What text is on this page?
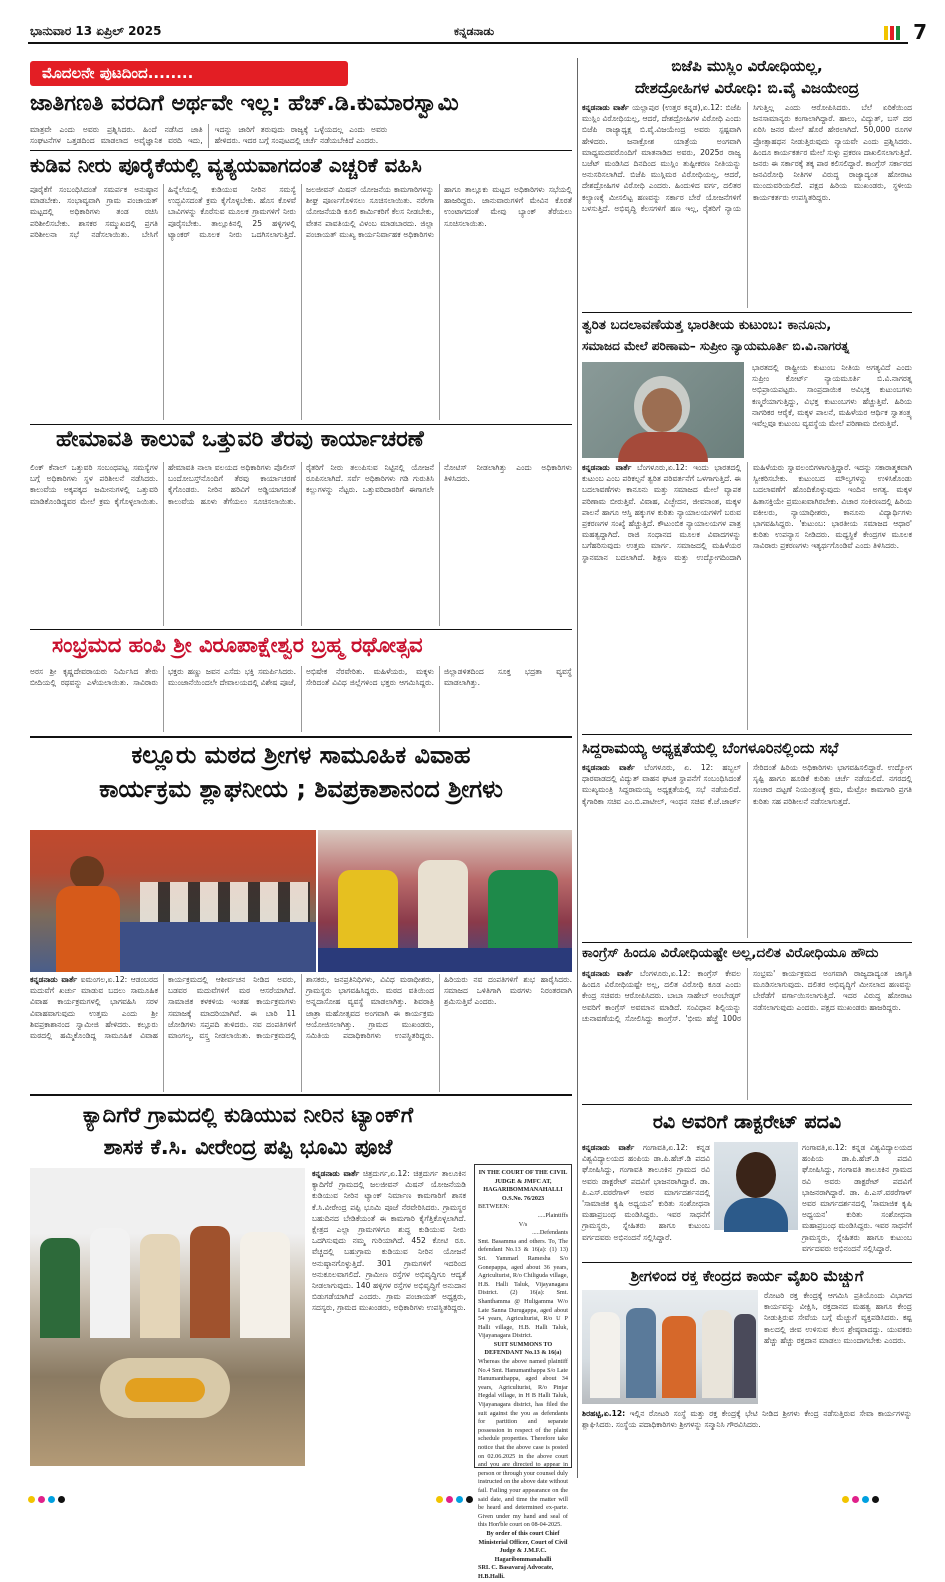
ಭಾನುವಾರ 13 ಏಪ್ರಿಲ್ 2025	ಕನ್ನಡನಾಡು	7
ಮೊದಲನೇ ಪುಟದಿಂದ........
ಜಾತಿಗಣತಿ ವರದಿಗೆ ಅರ್ಥವೇ ಇಲ್ಲ: ಹೆಚ್.ಡಿ.ಕುಮಾರಸ್ವಾಮಿ
ಮಾತ್ರವೇ ಎಂದು ಅವರು ಪ್ರಶ್ನಿಸಿದರು. ಹಿಂದೆ ನಡೆಸಿದ ಜಾತಿ ಸಂಘಟನೆಗಳ ಒತ್ತಡದಿಂದ ಮಾಡಲಾದ ಅವೈಜ್ಞಾನಿಕ ವರದಿ ಇದು, ಇದನ್ನು ಜಾರಿಗೆ ತರುವುದು ರಾಜ್ಯಕ್ಕೆ ಒಳ್ಳೆಯದಲ್ಲ ಎಂದು ಅವರು ಹೇಳಿದರು. ಇದರ ಬಗ್ಗೆ ಸಂಪುಟದಲ್ಲಿ ಚರ್ಚೆ ನಡೆಯಬೇಕಿದೆ ಎಂದರು.
ಕುಡಿವ ನೀರು ಪೂರೈಕೆಯಲ್ಲಿ ವ್ಯತ್ಯಯವಾಗದಂತೆ ಎಚ್ಚರಿಕೆ ವಹಿಸಿ
ಪೂರೈಕೆಗೆ ಸಂಬಂಧಿಸಿದಂತೆ ಸಮರ್ಪಕ ಅನುಷ್ಠಾನ ಮಾಡಬೇಕು. ಸಂಭಾವ್ಯವಾಗಿ ಗ್ರಾಮ ಪಂಚಾಯತ್ ಮಟ್ಟದಲ್ಲಿ ಅಧಿಕಾರಿಗಳು ತಂಡ ರಚಿಸಿ ಪರಿಶೀಲಿಸಬೇಕು. ಶಾಸಕರ ಸಮ್ಮುಖದಲ್ಲಿ ಪ್ರಗತಿ ಪರಿಶೀಲನಾ ಸಭೆ ನಡೆಸಲಾಯಿತು. ಬೇಸಿಗೆ ಹಿನ್ನೆಲೆಯಲ್ಲಿ ಕುಡಿಯುವ ನೀರಿನ ಸಮಸ್ಯೆ ಉದ್ಭವಿಸದಂತೆ ಕ್ರಮ ಕೈಗೊಳ್ಳಬೇಕು. ಹೊಸ ಕೊಳವೆ ಬಾವಿಗಳನ್ನು ಕೊರೆಸುವ ಮೂಲಕ ಗ್ರಾಮಗಳಿಗೆ ನೀರು ಪೂರೈಸಬೇಕು. ತಾಲ್ಲೂಕಿನಲ್ಲಿ 25 ಹಳ್ಳಿಗಳಲ್ಲಿ ಟ್ಯಾಂಕರ್ ಮೂಲಕ ನೀರು ಒದಗಿಸಲಾಗುತ್ತಿದೆ. ಜಲಜೀವನ್ ಮಿಷನ್ ಯೋಜನೆಯ ಕಾಮಗಾರಿಗಳನ್ನು ಶೀಘ್ರ ಪೂರ್ಣಗೊಳಿಸಲು ಸೂಚಿಸಲಾಯಿತು. ನರೇಗಾ ಯೋಜನೆಯಡಿ ಕೂಲಿ ಕಾರ್ಮಿಕರಿಗೆ ಕೆಲಸ ನೀಡಬೇಕು, ವೇತನ ಪಾವತಿಯಲ್ಲಿ ವಿಳಂಬ ಮಾಡಬಾರದು. ಜಿಲ್ಲಾ ಪಂಚಾಯತ್ ಮುಖ್ಯ ಕಾರ್ಯನಿರ್ವಾಹಕ ಅಧಿಕಾರಿಗಳು ಹಾಗೂ ತಾಲ್ಲೂಕು ಮಟ್ಟದ ಅಧಿಕಾರಿಗಳು ಸಭೆಯಲ್ಲಿ ಹಾಜರಿದ್ದರು. ಜಾನುವಾರುಗಳಿಗೆ ಮೇವಿನ ಕೊರತೆ ಉಂಟಾಗದಂತೆ ಮೇವು ಬ್ಯಾಂಕ್ ತೆರೆಯಲು ಸೂಚಿಸಲಾಯಿತು.
ಹೇಮಾವತಿ ಕಾಲುವೆ ಒತ್ತುವರಿ ತೆರವು ಕಾರ್ಯಾಚರಣೆ
ಲಿಂಕ್ ಕೆನಾಲ್ ಒತ್ತುವರಿ ಸಂಬಂಧಪಟ್ಟ ಸಮಸ್ಯೆಗಳ ಬಗ್ಗೆ ಅಧಿಕಾರಿಗಳು ಸ್ಥಳ ಪರಿಶೀಲನೆ ನಡೆಸಿದರು. ಕಾಲುವೆಯ ಅಕ್ಕಪಕ್ಕದ ಜಮೀನುಗಳಲ್ಲಿ ಒತ್ತುವರಿ ಮಾಡಿಕೊಂಡಿದ್ದವರ ಮೇಲೆ ಕ್ರಮ ಕೈಗೊಳ್ಳಲಾಯಿತು. ಹೇಮಾವತಿ ನಾಲಾ ವಲಯದ ಅಧಿಕಾರಿಗಳು ಪೊಲೀಸ್ ಬಂದೋಬಸ್ತ್‌ನೊಂದಿಗೆ ತೆರವು ಕಾರ್ಯಾಚರಣೆ ಕೈಗೊಂಡರು. ನೀರಿನ ಹರಿವಿಗೆ ಅಡ್ಡಿಯಾಗದಂತೆ ಕಾಲುವೆಯ ಹೂಳು ತೆಗೆಯಲು ಸೂಚಿಸಲಾಯಿತು. ರೈತರಿಗೆ ನೀರು ತಲುಪಿಸುವ ನಿಟ್ಟಿನಲ್ಲಿ ಯೋಜನೆ ರೂಪಿಸಲಾಗಿದೆ. ಸರ್ವೆ ಅಧಿಕಾರಿಗಳು ಗಡಿ ಗುರುತಿಸಿ ಕಲ್ಲುಗಳನ್ನು ನೆಟ್ಟರು. ಒತ್ತುವರಿದಾರರಿಗೆ ಈಗಾಗಲೇ ನೋಟಿಸ್ ನೀಡಲಾಗಿತ್ತು ಎಂದು ಅಧಿಕಾರಿಗಳು ತಿಳಿಸಿದರು.
ಸಂಭ್ರಮದ ಹಂಪಿ ಶ್ರೀ ವಿರೂಪಾಕ್ಷೇಶ್ವರ ಬ್ರಹ್ಮ ರಥೋತ್ಸವ
ಅರಸ ಶ್ರೀ ಕೃಷ್ಣದೇವರಾಯರು ನಿರ್ಮಿಸಿದ ತೇರು ಬೀದಿಯಲ್ಲಿ ರಥವನ್ನು ಎಳೆಯಲಾಯಿತು. ಸಾವಿರಾರು ಭಕ್ತರು ಹಣ್ಣು ಜವನ ಎಸೆದು ಭಕ್ತಿ ಸಮರ್ಪಿಸಿದರು. ಮುಂಜಾನೆಯಿಂದಲೇ ದೇವಾಲಯದಲ್ಲಿ ವಿಶೇಷ ಪೂಜೆ, ಅಭಿಷೇಕ ನೆರವೇರಿತು. ಮಹಿಳೆಯರು, ಮಕ್ಕಳು ಸೇರಿದಂತೆ ವಿವಿಧ ಜಿಲ್ಲೆಗಳಿಂದ ಭಕ್ತರು ಆಗಮಿಸಿದ್ದರು. ಜಿಲ್ಲಾಡಳಿತದಿಂದ ಸೂಕ್ತ ಭದ್ರತಾ ವ್ಯವಸ್ಥೆ ಮಾಡಲಾಗಿತ್ತು.
ಕಲ್ಲೂರು ಮಠದ ಶ್ರೀಗಳ ಸಾಮೂಹಿಕ ವಿವಾಹ
ಕಾರ್ಯಕ್ರಮ ಶ್ಲಾಘನೀಯ ; ಶಿವಪ್ರಕಾಶಾನಂದ ಶ್ರೀಗಳು
ಕನ್ನಡನಾಡು ವಾರ್ತೆ ಐಮಂಗಲ,ಏ.12: ಆಡಂಬರದ ಮದುವೆಗೆ ಖರ್ಚು ಮಾಡುವ ಬದಲು ಸಾಮೂಹಿಕ ವಿವಾಹ ಕಾರ್ಯಕ್ರಮಗಳಲ್ಲಿ ಭಾಗವಹಿಸಿ ಸರಳ ವಿವಾಹವಾಗುವುದು ಉತ್ತಮ ಎಂದು ಶ್ರೀ ಶಿವಪ್ರಕಾಶಾನಂದ ಸ್ವಾಮೀಜಿ ಹೇಳಿದರು. ಕಲ್ಲೂರು ಮಠದಲ್ಲಿ ಹಮ್ಮಿಕೊಂಡಿದ್ದ ಸಾಮೂಹಿಕ ವಿವಾಹ ಕಾರ್ಯಕ್ರಮದಲ್ಲಿ ಆಶೀರ್ವಚನ ನೀಡಿದ ಅವರು, ಬಡವರ ಮದುವೆಗಳಿಗೆ ಮಠ ಆಸರೆಯಾಗಿದೆ. ಸಾಮಾಜಿಕ ಕಳಕಳಿಯ ಇಂತಹ ಕಾರ್ಯಕ್ರಮಗಳು ಸಮಾಜಕ್ಕೆ ಮಾದರಿಯಾಗಿವೆ. ಈ ಬಾರಿ 11 ಜೋಡಿಗಳು ಸಪ್ತಪದಿ ತುಳಿದರು. ನವ ದಂಪತಿಗಳಿಗೆ ಮಾಂಗಲ್ಯ, ವಸ್ತ್ರ ನೀಡಲಾಯಿತು. ಕಾರ್ಯಕ್ರಮದಲ್ಲಿ ಶಾಸಕರು, ಜನಪ್ರತಿನಿಧಿಗಳು, ವಿವಿಧ ಮಠಾಧೀಶರು, ಗ್ರಾಮಸ್ಥರು ಭಾಗವಹಿಸಿದ್ದರು. ಮಠದ ವತಿಯಿಂದ ಅನ್ನದಾಸೋಹ ವ್ಯವಸ್ಥೆ ಮಾಡಲಾಗಿತ್ತು. ಶಿವರಾತ್ರಿ ಜಾತ್ರಾ ಮಹೋತ್ಸವದ ಅಂಗವಾಗಿ ಈ ಕಾರ್ಯಕ್ರಮ ಆಯೋಜಿಸಲಾಗಿತ್ತು. ಗ್ರಾಮದ ಮುಖಂಡರು, ಸಮಿತಿಯ ಪದಾಧಿಕಾರಿಗಳು ಉಪಸ್ಥಿತರಿದ್ದರು. ಹಿರಿಯರು ನವ ದಂಪತಿಗಳಿಗೆ ಶುಭ ಹಾರೈಸಿದರು. ಸಮಾಜದ ಒಳಿತಿಗಾಗಿ ಮಠಗಳು ನಿರಂತರವಾಗಿ ಶ್ರಮಿಸುತ್ತಿವೆ ಎಂದರು.
ಕ್ಯಾದಿಗೆರೆ ಗ್ರಾಮದಲ್ಲಿ ಕುಡಿಯುವ ನೀರಿನ ಟ್ಯಾಂಕ್‌ಗೆ
ಶಾಸಕ ಕೆ.ಸಿ. ವೀರೇಂದ್ರ ಪಪ್ಪಿ ಭೂಮಿ ಪೂಜೆ
ಕನ್ನಡನಾಡು ವಾರ್ತೆ ಚಿತ್ರದುರ್ಗ,ಏ.12: ಚಿತ್ರದುರ್ಗ ತಾಲೂಕಿನ ಕ್ಯಾದಿಗೆರೆ ಗ್ರಾಮದಲ್ಲಿ ಜಲಜೀವನ್ ಮಿಷನ್ ಯೋಜನೆಯಡಿ ಕುಡಿಯುವ ನೀರಿನ ಟ್ಯಾಂಕ್ ನಿರ್ಮಾಣ ಕಾಮಗಾರಿಗೆ ಶಾಸಕ ಕೆ.ಸಿ.ವೀರೇಂದ್ರ ಪಪ್ಪಿ ಭೂಮಿ ಪೂಜೆ ನೆರವೇರಿಸಿದರು. ಗ್ರಾಮಸ್ಥರ ಬಹುದಿನದ ಬೇಡಿಕೆಯಂತೆ ಈ ಕಾಮಗಾರಿ ಕೈಗೆತ್ತಿಕೊಳ್ಳಲಾಗಿದೆ. ಕ್ಷೇತ್ರದ ಎಲ್ಲಾ ಗ್ರಾಮಗಳಿಗೂ ಶುದ್ಧ ಕುಡಿಯುವ ನೀರು ಒದಗಿಸುವುದು ನಮ್ಮ ಗುರಿಯಾಗಿದೆ. 452 ಕೋಟಿ ರೂ. ವೆಚ್ಚದಲ್ಲಿ ಬಹುಗ್ರಾಮ ಕುಡಿಯುವ ನೀರಿನ ಯೋಜನೆ ಅನುಷ್ಠಾನಗೊಳ್ಳುತ್ತಿದೆ. 301 ಗ್ರಾಮಗಳಿಗೆ ಇದರಿಂದ ಅನುಕೂಲವಾಗಲಿದೆ. ಗ್ರಾಮೀಣ ರಸ್ತೆಗಳ ಅಭಿವೃದ್ಧಿಗೂ ಆದ್ಯತೆ ನೀಡಲಾಗುವುದು. 140 ಹಳ್ಳಿಗಳ ರಸ್ತೆಗಳ ಅಭಿವೃದ್ಧಿಗೆ ಅನುದಾನ ಬಿಡುಗಡೆಯಾಗಿದೆ ಎಂದರು. ಗ್ರಾಮ ಪಂಚಾಯತ್ ಅಧ್ಯಕ್ಷರು, ಸದಸ್ಯರು, ಗ್ರಾಮದ ಮುಖಂಡರು, ಅಧಿಕಾರಿಗಳು ಉಪಸ್ಥಿತರಿದ್ದರು.
IN THE COURT OF THE CIVIL JUDGE & JMFC AT, HAGARIBOMMANAHALLI
O.S.No. 76/2023
BETWEEN:
.....Plaintiffs
V/s
.....Defendants
Smt. Basamma and others. To, The defendant No.13 & 16(a): (1) 13) Sri. Yammarl Ramesha S/o Gonepappa, aged about 36 years, Agriculturist, R/o Chiliguda village, H.B. Halli Taluk, Vijayanagara District. (2) 16(a): Smt. Shanthamma @ Huligamma W/o Late Sanna Durugappa, aged about 54 years, Agriculturist, R/o U P Halli village, H.B. Halli Taluk, Vijayanagara District.
SUIT SUMMONS TO DEFENDANT No.13 & 16(a)
Whereas the above named plaintiff No.4 Smt. Hanumanthappa S/o Late Hanumanthappa, aged about 34 years, Agriculturist, R/o Pinjar Hegdal village, in H B Halli Taluk, Vijayanagara district, has filed the suit against the you as defendants for partition and separate possession in respect of the plaint schedule properties. Therefore take notice that the above case is posted on 02.06.2025 in the above court and you are directed to appear in person or through your counsel duly instructed on the above date without fail. Failing your appearance on the said date, and time the matter will be heard and determined ex-parte. Given under my hand and seal of this Hon'ble court on 08-04-2025.
By order of this court Chief Ministerial Officer, Court of Civil Judge & J.M.F.C. Hagaribommanahalli
SRI. C. Basavaraj Advocate, H.B.Halli.
ಬಿಜೆಪಿ ಮುಸ್ಲಿಂ ವಿರೋಧಿಯಲ್ಲ,
ದೇಶದ್ರೋಹಿಗಳ ವಿರೋಧಿ: ಬಿ.ವೈ ವಿಜಯೇಂದ್ರ
ಕನ್ನಡನಾಡು ವಾರ್ತೆ ಯಲ್ಲಾಪುರ (ಉತ್ತರ ಕನ್ನಡ),ಏ.12: ಬಿಜೆಪಿ ಮುಸ್ಲಿಂ ವಿರೋಧಿಯಲ್ಲ, ಆದರೆ, ದೇಶದ್ರೋಹಿಗಳ ವಿರೋಧಿ ಎಂದು ಬಿಜೆಪಿ ರಾಜ್ಯಾಧ್ಯಕ್ಷ ಬಿ.ವೈ.ವಿಜಯೇಂದ್ರ ಅವರು ಸ್ಪಷ್ಟವಾಗಿ ಹೇಳಿದರು. ಜನಾಕ್ರೋಶ ಯಾತ್ರೆಯ ಅಂಗವಾಗಿ ಮಾಧ್ಯಮದವರೊಂದಿಗೆ ಮಾತನಾಡಿದ ಅವರು, 2025ರ ರಾಜ್ಯ ಬಜೆಟ್ ಮಂಡಿಸಿದ ದಿನದಿಂದ ಮುಸ್ಲಿಂ ತುಷ್ಟೀಕರಣ ನೀತಿಯನ್ನು ಅನುಸರಿಸಲಾಗಿದೆ. ಬಿಜೆಪಿ ಮುಸ್ಲಿಮರ ವಿರೋಧಿಯಲ್ಲ, ಆದರೆ, ದೇಶದ್ರೋಹಿಗಳ ವಿರೋಧಿ ಎಂದರು. ಹಿಂದುಳಿದ ವರ್ಗ, ದಲಿತರ ಕಲ್ಯಾಣಕ್ಕೆ ಮೀಸಲಿಟ್ಟ ಹಣವನ್ನು ಸರ್ಕಾರ ಬೇರೆ ಯೋಜನೆಗಳಿಗೆ ಬಳಸುತ್ತಿದೆ. ಅಭಿವೃದ್ಧಿ ಕೆಲಸಗಳಿಗೆ ಹಣ ಇಲ್ಲ, ರೈತರಿಗೆ ನ್ಯಾಯ ಸಿಗುತ್ತಿಲ್ಲ ಎಂದು ಆರೋಪಿಸಿದರು. ಬೆಲೆ ಏರಿಕೆಯಿಂದ ಜನಸಾಮಾನ್ಯರು ಕಂಗಾಲಾಗಿದ್ದಾರೆ. ಹಾಲು, ವಿದ್ಯುತ್, ಬಸ್ ದರ ಏರಿಸಿ ಜನರ ಮೇಲೆ ಹೊರೆ ಹೇರಲಾಗಿದೆ. 50,000 ರೂಗಳ ಪ್ರೋತ್ಸಾಹಧನ ನೀಡುತ್ತಿರುವುದು ನ್ಯಾಯವೇ ಎಂದು ಪ್ರಶ್ನಿಸಿದರು. ಹಿಂದೂ ಕಾರ್ಯಕರ್ತರ ಮೇಲೆ ಸುಳ್ಳು ಪ್ರಕರಣ ದಾಖಲಿಸಲಾಗುತ್ತಿದೆ. ಜನರು ಈ ಸರ್ಕಾರಕ್ಕೆ ತಕ್ಕ ಪಾಠ ಕಲಿಸಲಿದ್ದಾರೆ. ಕಾಂಗ್ರೆಸ್ ಸರ್ಕಾರದ ಜನವಿರೋಧಿ ನೀತಿಗಳ ವಿರುದ್ಧ ರಾಜ್ಯಾದ್ಯಂತ ಹೋರಾಟ ಮುಂದುವರಿಯಲಿದೆ. ಪಕ್ಷದ ಹಿರಿಯ ಮುಖಂಡರು, ಸ್ಥಳೀಯ ಕಾರ್ಯಕರ್ತರು ಉಪಸ್ಥಿತರಿದ್ದರು.
ತ್ವರಿತ ಬದಲಾವಣೆಯತ್ತ ಭಾರತೀಯ ಕುಟುಂಬ: ಕಾನೂನು,
ಸಮಾಜದ ಮೇಲೆ ಪರಿಣಾಮ– ಸುಪ್ರೀಂ ನ್ಯಾಯಮೂರ್ತಿ ಬಿ.ವಿ.ನಾಗರತ್ನ
ಭಾರತದಲ್ಲಿ ರಾಷ್ಟ್ರೀಯ ಕುಟುಂಬ ನೀತಿಯ ಅಗತ್ಯವಿದೆ ಎಂದು ಸುಪ್ರೀಂ ಕೋರ್ಟ್ ನ್ಯಾಯಮೂರ್ತಿ ಬಿ.ವಿ.ನಾಗರತ್ನ ಅಭಿಪ್ರಾಯಪಟ್ಟರು. ಸಾಂಪ್ರದಾಯಿಕ ಅವಿಭಕ್ತ ಕುಟುಂಬಗಳು ಕಣ್ಮರೆಯಾಗುತ್ತಿದ್ದು, ವಿಭಕ್ತ ಕುಟುಂಬಗಳು ಹೆಚ್ಚುತ್ತಿವೆ. ಹಿರಿಯ ನಾಗರಿಕರ ಆರೈಕೆ, ಮಕ್ಕಳ ಪಾಲನೆ, ಮಹಿಳೆಯರ ಆರ್ಥಿಕ ಸ್ವಾತಂತ್ರ್ಯ ಇವೆಲ್ಲವೂ ಕುಟುಂಬ ವ್ಯವಸ್ಥೆಯ ಮೇಲೆ ಪರಿಣಾಮ ಬೀರುತ್ತಿವೆ.
ಕನ್ನಡನಾಡು ವಾರ್ತೆ ಬೆಂಗಳೂರು,ಏ.12: ಇಂದು ಭಾರತದಲ್ಲಿ ಕುಟುಂಬ ಎಂಬ ಪರಿಕಲ್ಪನೆ ತ್ವರಿತ ಪರಿವರ್ತನೆಗೆ ಒಳಗಾಗುತ್ತಿದೆ. ಈ ಬದಲಾವಣೆಗಳು ಕಾನೂನು ಮತ್ತು ಸಮಾಜದ ಮೇಲೆ ವ್ಯಾಪಕ ಪರಿಣಾಮ ಬೀರುತ್ತಿವೆ. ವಿವಾಹ, ವಿಚ್ಛೇದನ, ಜೀವನಾಂಶ, ಮಕ್ಕಳ ಪಾಲನೆ ಹಾಗೂ ಆಸ್ತಿ ಹಕ್ಕುಗಳ ಕುರಿತು ನ್ಯಾಯಾಲಯಗಳಿಗೆ ಬರುವ ಪ್ರಕರಣಗಳ ಸಂಖ್ಯೆ ಹೆಚ್ಚುತ್ತಿದೆ. ಕೌಟುಂಬಿಕ ನ್ಯಾಯಾಲಯಗಳ ಪಾತ್ರ ಮಹತ್ವದ್ದಾಗಿದೆ. ರಾಜಿ ಸಂಧಾನದ ಮೂಲಕ ವಿವಾದಗಳನ್ನು ಬಗೆಹರಿಸುವುದು ಉತ್ತಮ ಮಾರ್ಗ. ಸಮಾಜದಲ್ಲಿ ಮಹಿಳೆಯರ ಸ್ಥಾನಮಾನ ಬದಲಾಗಿದೆ. ಶಿಕ್ಷಣ ಮತ್ತು ಉದ್ಯೋಗದಿಂದಾಗಿ ಮಹಿಳೆಯರು ಸ್ವಾವಲಂಬಿಗಳಾಗುತ್ತಿದ್ದಾರೆ. ಇದನ್ನು ಸಕಾರಾತ್ಮಕವಾಗಿ ಸ್ವೀಕರಿಸಬೇಕು. ಕುಟುಂಬದ ಮೌಲ್ಯಗಳನ್ನು ಉಳಿಸಿಕೊಂಡು ಬದಲಾವಣೆಗೆ ಹೊಂದಿಕೊಳ್ಳುವುದು ಇಂದಿನ ಅಗತ್ಯ. ಮಕ್ಕಳ ಹಿತಾಸಕ್ತಿಯೇ ಪ್ರಮುಖವಾಗಿರಬೇಕು. ವಿಚಾರ ಸಂಕಿರಣದಲ್ಲಿ ಹಿರಿಯ ವಕೀಲರು, ನ್ಯಾಯಾಧೀಶರು, ಕಾನೂನು ವಿದ್ಯಾರ್ಥಿಗಳು ಭಾಗವಹಿಸಿದ್ದರು. 'ಕುಟುಂಬ: ಭಾರತೀಯ ಸಮಾಜದ ಆಧಾರ' ಕುರಿತು ಉಪನ್ಯಾಸ ನೀಡಿದರು. ಮಧ್ಯಸ್ಥಿಕೆ ಕೇಂದ್ರಗಳ ಮೂಲಕ ಸಾವಿರಾರು ಪ್ರಕರಣಗಳು ಇತ್ಯರ್ಥಗೊಂಡಿವೆ ಎಂದು ತಿಳಿಸಿದರು.
ಸಿದ್ದರಾಮಯ್ಯ ಅಧ್ಯಕ್ಷತೆಯಲ್ಲಿ ಬೆಂಗಳೂರಿನಲ್ಲಿಂದು ಸಭೆ
ಕನ್ನಡನಾಡು ವಾರ್ತೆ ಬೆಂಗಳೂರು, ಏ. 12: ಹಬ್ಬಲ್ ಧಾರವಾಡದಲ್ಲಿ ವಿದ್ಯುತ್ ವಾಹನ ಘಟಕ ಸ್ಥಾಪನೆಗೆ ಸಂಬಂಧಿಸಿದಂತೆ ಮುಖ್ಯಮಂತ್ರಿ ಸಿದ್ದರಾಮಯ್ಯ ಅಧ್ಯಕ್ಷತೆಯಲ್ಲಿ ಸಭೆ ನಡೆಯಲಿದೆ. ಕೈಗಾರಿಕಾ ಸಚಿವ ಎಂ.ಬಿ.ಪಾಟೀಲ್, ಇಂಧನ ಸಚಿವ ಕೆ.ಜೆ.ಜಾರ್ಜ್ ಸೇರಿದಂತೆ ಹಿರಿಯ ಅಧಿಕಾರಿಗಳು ಭಾಗವಹಿಸಲಿದ್ದಾರೆ. ಉದ್ಯೋಗ ಸೃಷ್ಟಿ ಹಾಗೂ ಹೂಡಿಕೆ ಕುರಿತು ಚರ್ಚೆ ನಡೆಯಲಿದೆ. ನಗರದಲ್ಲಿ ಸಂಚಾರ ದಟ್ಟಣೆ ನಿಯಂತ್ರಣಕ್ಕೆ ಕ್ರಮ, ಮೆಟ್ರೋ ಕಾಮಗಾರಿ ಪ್ರಗತಿ ಕುರಿತು ಸಹ ಪರಿಶೀಲನೆ ನಡೆಸಲಾಗುತ್ತದೆ.
ಕಾಂಗ್ರೆಸ್ ಹಿಂದೂ ವಿರೋಧಿಯಷ್ಟೇ ಅಲ್ಲ,ದಲಿತ ವಿರೋಧಿಯೂ ಹೌದು
ಕನ್ನಡನಾಡು ವಾರ್ತೆ ಬೆಂಗಳೂರು,ಏ.12: ಕಾಂಗ್ರೆಸ್ ಕೇವಲ ಹಿಂದೂ ವಿರೋಧಿಯಷ್ಟೇ ಅಲ್ಲ, ದಲಿತ ವಿರೋಧಿ ಕೂಡ ಎಂದು ಕೇಂದ್ರ ಸಚಿವರು ಆರೋಪಿಸಿದರು. ಬಾಬಾ ಸಾಹೇಬ್ ಅಂಬೇಡ್ಕರ್ ಅವರಿಗೆ ಕಾಂಗ್ರೆಸ್ ಅವಮಾನ ಮಾಡಿದೆ. ಸಂವಿಧಾನ ಶಿಲ್ಪಿಯನ್ನು ಚುನಾವಣೆಯಲ್ಲಿ ಸೋಲಿಸಿದ್ದು ಕಾಂಗ್ರೆಸ್. 'ಭೀಮ ಹೆಜ್ಜೆ 100ರ ಸಂಭ್ರಮ' ಕಾರ್ಯಕ್ರಮದ ಅಂಗವಾಗಿ ರಾಜ್ಯದಾದ್ಯಂತ ಜಾಗೃತಿ ಮೂಡಿಸಲಾಗುವುದು. ದಲಿತರ ಅಭಿವೃದ್ಧಿಗೆ ಮೀಸಲಾದ ಹಣವನ್ನು ಬೇರೆಡೆಗೆ ವರ್ಗಾಯಿಸಲಾಗುತ್ತಿದೆ. ಇದರ ವಿರುದ್ಧ ಹೋರಾಟ ನಡೆಸಲಾಗುವುದು ಎಂದರು. ಪಕ್ಷದ ಮುಖಂಡರು ಹಾಜರಿದ್ದರು.
ರವಿ ಅವರಿಗೆ ಡಾಕ್ಟರೇಟ್ ಪದವಿ
ಕನ್ನಡನಾಡು ವಾರ್ತೆ ಗಂಗಾವತಿ,ಏ.12: ಕನ್ನಡ ವಿಶ್ವವಿದ್ಯಾಲಯದ ಹಂಪಿಯ ಡಾ.ಪಿ.ಹೆಚ್.ಡಿ ಪದವಿ ಘೋಷಿಸಿದ್ದು, ಗಂಗಾವತಿ ತಾಲೂಕಿನ ಗ್ರಾಮದ ರವಿ ಅವರು ಡಾಕ್ಟರೇಟ್ ಪದವಿಗೆ ಭಾಜನರಾಗಿದ್ದಾರೆ. ಡಾ. ಪಿ.ಎಸ್.ವಠರೆಗಾಳ್ ಅವರ ಮಾರ್ಗದರ್ಶನದಲ್ಲಿ 'ಸಾಮಾಜಿಕ ಕೃಷಿ ಅಧ್ಯಯನ' ಕುರಿತು ಸಂಶೋಧನಾ ಮಹಾಪ್ರಬಂಧ ಮಂಡಿಸಿದ್ದರು. ಇವರ ಸಾಧನೆಗೆ ಗ್ರಾಮಸ್ಥರು, ಸ್ನೇಹಿತರು ಹಾಗೂ ಕುಟುಂಬ ವರ್ಗದವರು ಅಭಿನಂದನೆ ಸಲ್ಲಿಸಿದ್ದಾರೆ.
ಗಂಗಾವತಿ,ಏ.12: ಕನ್ನಡ ವಿಶ್ವವಿದ್ಯಾಲಯದ ಹಂಪಿಯ ಡಾ.ಪಿ.ಹೆಚ್.ಡಿ ಪದವಿ ಘೋಷಿಸಿದ್ದು, ಗಂಗಾವತಿ ತಾಲೂಕಿನ ಗ್ರಾಮದ ರವಿ ಅವರು ಡಾಕ್ಟರೇಟ್ ಪದವಿಗೆ ಭಾಜನರಾಗಿದ್ದಾರೆ. ಡಾ. ಪಿ.ಎಸ್.ವಠರೆಗಾಳ್ ಅವರ ಮಾರ್ಗದರ್ಶನದಲ್ಲಿ 'ಸಾಮಾಜಿಕ ಕೃಷಿ ಅಧ್ಯಯನ' ಕುರಿತು ಸಂಶೋಧನಾ ಮಹಾಪ್ರಬಂಧ ಮಂಡಿಸಿದ್ದರು. ಇವರ ಸಾಧನೆಗೆ ಗ್ರಾಮಸ್ಥರು, ಸ್ನೇಹಿತರು ಹಾಗೂ ಕುಟುಂಬ ವರ್ಗದವರು ಅಭಿನಂದನೆ ಸಲ್ಲಿಸಿದ್ದಾರೆ.
ಶ್ರೀಗಳಿಂದ ರಕ್ತ ಕೇಂದ್ರದ ಕಾರ್ಯ ವೈಖರಿ ಮೆಚ್ಚುಗೆ
ರೋಟರಿ ರಕ್ತ ಕೇಂದ್ರಕ್ಕೆ ಆಗಮಿಸಿ ಪ್ರತಿಯೊಂದು ವಿಭಾಗದ ಕಾರ್ಯವನ್ನು ವೀಕ್ಷಿಸಿ, ರಕ್ತದಾನದ ಮಹತ್ವ ಹಾಗೂ ಕೇಂದ್ರ ನೀಡುತ್ತಿರುವ ಸೇವೆಯ ಬಗ್ಗೆ ಮೆಚ್ಚುಗೆ ವ್ಯಕ್ತಪಡಿಸಿದರು. ಕಷ್ಟ ಕಾಲದಲ್ಲಿ ಜೀವ ಉಳಿಸುವ ಕೆಲಸ ಶ್ರೇಷ್ಠವಾದದ್ದು. ಯುವಕರು ಹೆಚ್ಚು ಹೆಚ್ಚು ರಕ್ತದಾನ ಮಾಡಲು ಮುಂದಾಗಬೇಕು ಎಂದರು.
ಶಿರಹಟ್ಟಿ,ಏ.12: ಇಲ್ಲಿನ ರೋಟರಿ ಸಂಸ್ಥೆ ಮತ್ತು ರಕ್ತ ಕೇಂದ್ರಕ್ಕೆ ಭೇಟಿ ನೀಡಿದ ಶ್ರೀಗಳು ಕೇಂದ್ರ ನಡೆಸುತ್ತಿರುವ ಸೇವಾ ಕಾರ್ಯಗಳನ್ನು ಶ್ಲಾಘಿಸಿದರು. ಸಂಸ್ಥೆಯ ಪದಾಧಿಕಾರಿಗಳು ಶ್ರೀಗಳನ್ನು ಸನ್ಮಾನಿಸಿ ಗೌರವಿಸಿದರು.
